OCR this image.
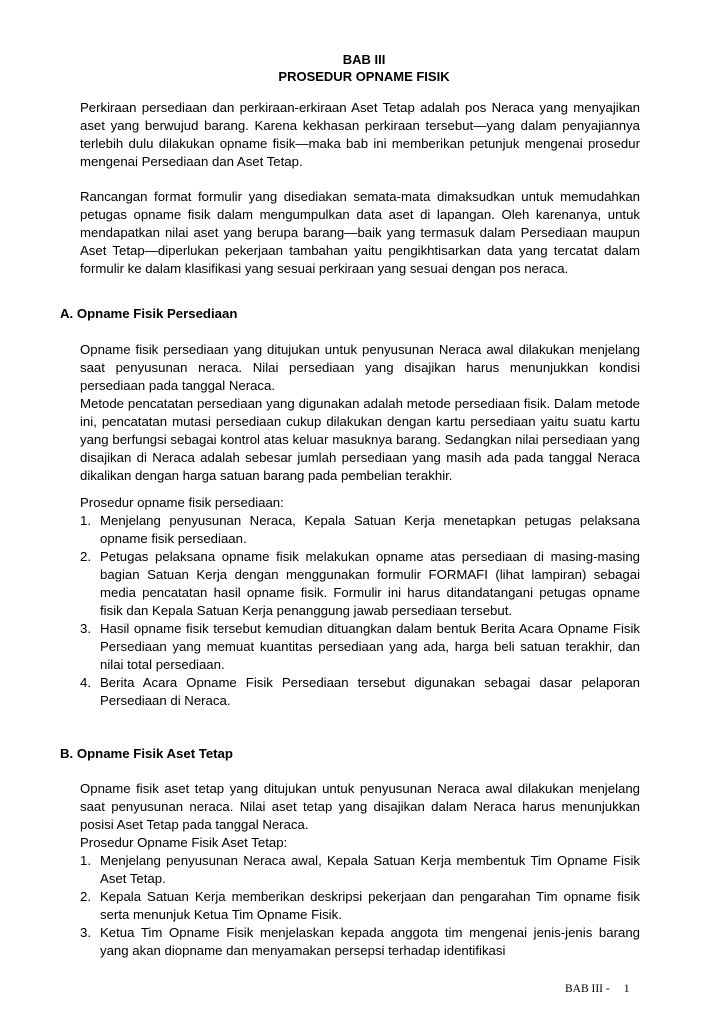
BAB III
PROSEDUR OPNAME FISIK

Perkiraan persediaan dan perkiraan-erkiraan Aset Tetap adalah pos Neraca yang menyajikan aset yang berwujud barang. Karena kekhasan perkiraan tersebut—yang dalam penyajiannya terlebih dulu dilakukan opname fisik—maka bab ini memberikan petunjuk mengenai prosedur mengenai Persediaan dan Aset Tetap.

Rancangan format formulir yang disediakan semata-mata dimaksudkan untuk memudahkan petugas opname fisik dalam mengumpulkan data aset di lapangan. Oleh karenanya, untuk mendapatkan nilai aset yang berupa barang—baik yang termasuk dalam Persediaan maupun Aset Tetap—diperlukan pekerjaan tambahan yaitu pengikhtisarkan data yang tercatat dalam formulir ke dalam klasifikasi yang sesuai perkiraan yang sesuai dengan pos neraca.

A. Opname Fisik Persediaan

Opname fisik persediaan yang ditujukan untuk penyusunan Neraca awal dilakukan menjelang saat penyusunan neraca. Nilai persediaan yang disajikan harus menunjukkan kondisi persediaan pada tanggal Neraca.

Metode pencatatan persediaan yang digunakan adalah metode persediaan fisik. Dalam metode ini, pencatatan mutasi persediaan cukup dilakukan dengan kartu persediaan yaitu suatu kartu yang berfungsi sebagai kontrol atas keluar masuknya barang. Sedangkan nilai persediaan yang disajikan di Neraca adalah sebesar jumlah persediaan yang masih ada pada tanggal Neraca dikalikan dengan harga satuan barang pada pembelian terakhir.

Prosedur opname fisik persediaan:

1. Menjelang penyusunan Neraca, Kepala Satuan Kerja menetapkan petugas pelaksana opname fisik persediaan.
2. Petugas pelaksana opname fisik melakukan opname atas persediaan di masing-masing bagian Satuan Kerja dengan menggunakan formulir FORMAFI (lihat lampiran) sebagai media pencatatan hasil opname fisik. Formulir ini harus ditandatangani petugas opname fisik dan Kepala Satuan Kerja penanggung jawab persediaan tersebut.
3. Hasil opname fisik tersebut kemudian dituangkan dalam bentuk Berita Acara Opname Fisik Persediaan yang memuat kuantitas persediaan yang ada, harga beli satuan terakhir, dan nilai total persediaan.
4. Berita Acara Opname Fisik Persediaan tersebut digunakan sebagai dasar pelaporan Persediaan di Neraca.

B. Opname Fisik Aset Tetap

Opname fisik aset tetap yang ditujukan untuk penyusunan Neraca awal dilakukan menjelang saat penyusunan neraca. Nilai aset tetap yang disajikan dalam Neraca harus menunjukkan posisi Aset Tetap pada tanggal Neraca.

Prosedur Opname Fisik Aset Tetap:

1. Menjelang penyusunan Neraca awal, Kepala Satuan Kerja membentuk Tim Opname Fisik Aset Tetap.
2. Kepala Satuan Kerja memberikan deskripsi pekerjaan dan pengarahan Tim opname fisik serta menunjuk Ketua Tim Opname Fisik.
3. Ketua Tim Opname Fisik menjelaskan kepada anggota tim mengenai jenis-jenis barang yang akan diopname dan menyamakan persepsi terhadap identifikasi
BAB III - 1
